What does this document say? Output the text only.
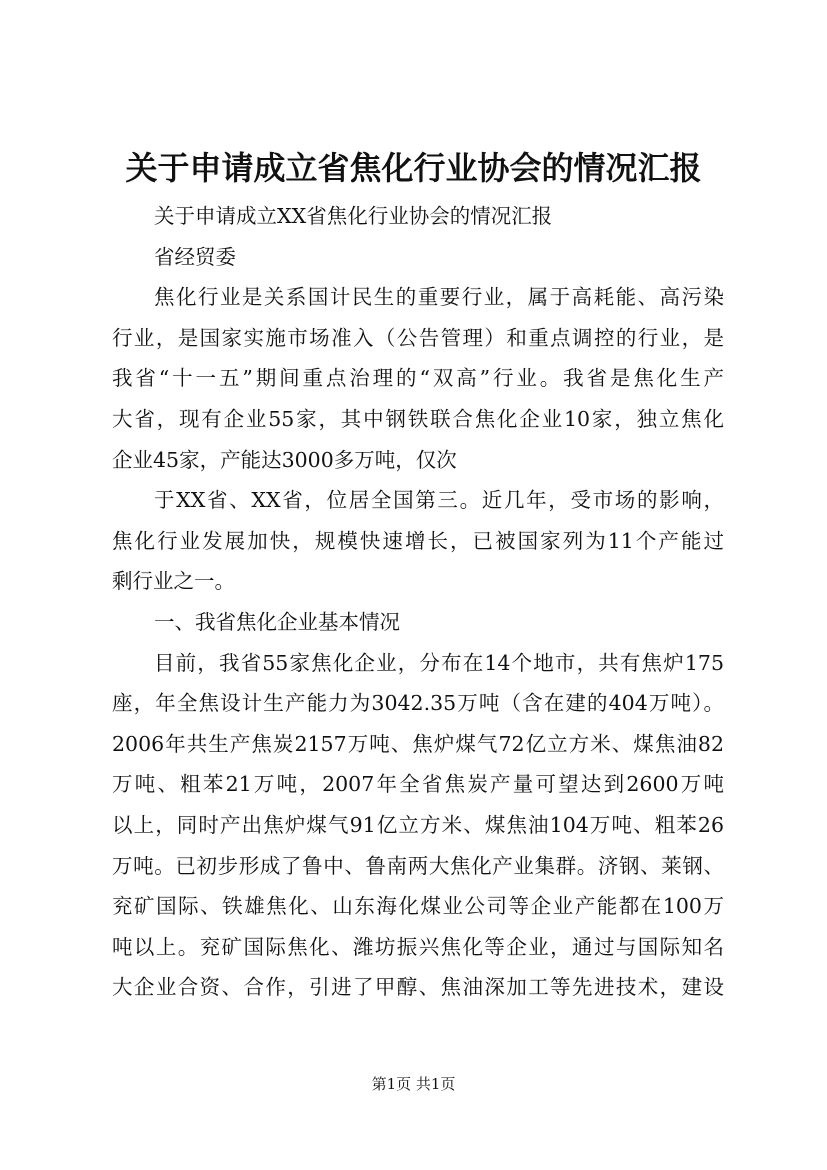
关于申请成立省焦化行业协会的情况汇报
关于申请成立XX省焦化行业协会的情况汇报
省经贸委
焦化行业是关系国计民生的重要行业，属于高耗能、高污染
行业，是国家实施市场准入（公告管理）和重点调控的行业，是
我省“十一五”期间重点治理的“双高”行业。我省是焦化生产
大省，现有企业55家，其中钢铁联合焦化企业10家，独立焦化
企业45家，产能达3000多万吨，仅次
于XX省、XX省，位居全国第三。近几年，受市场的影响，
焦化行业发展加快，规模快速增长，已被国家列为11个产能过
剩行业之一。
一、我省焦化企业基本情况
目前，我省55家焦化企业，分布在14个地市，共有焦炉175
座，年全焦设计生产能力为3042.35万吨（含在建的404万吨）。
2006年共生产焦炭2157万吨、焦炉煤气72亿立方米、煤焦油82
万吨、粗苯21万吨，2007年全省焦炭产量可望达到2600万吨
以上，同时产出焦炉煤气91亿立方米、煤焦油104万吨、粗苯26
万吨。已初步形成了鲁中、鲁南两大焦化产业集群。济钢、莱钢、
兖矿国际、铁雄焦化、山东海化煤业公司等企业产能都在100万
吨以上。兖矿国际焦化、潍坊振兴焦化等企业，通过与国际知名
大企业合资、合作，引进了甲醇、焦油深加工等先进技术，建设
第1页 共1页
